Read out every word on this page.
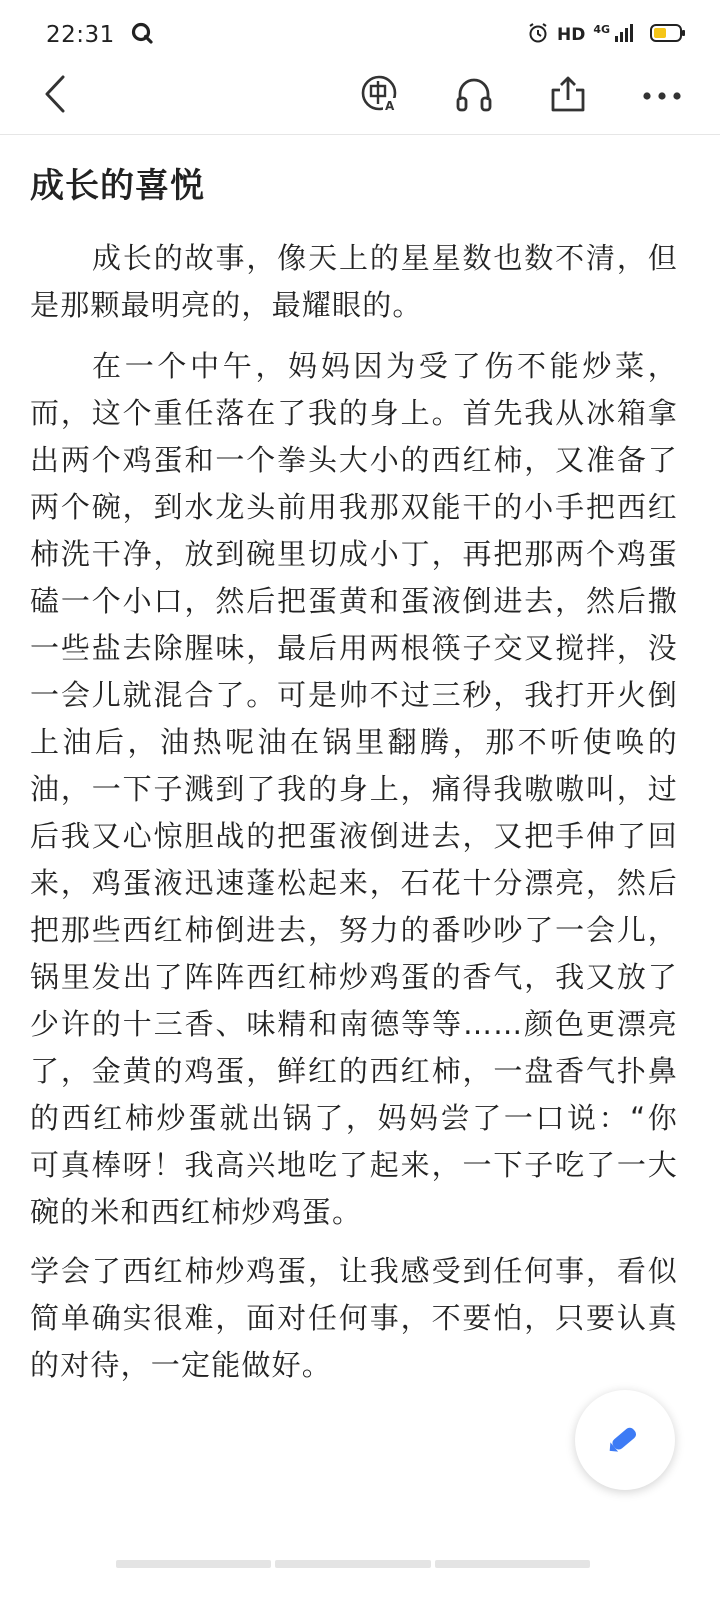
22:31	HD 4G
A
成长的喜悦

成长的故事，像天上的星星数也数不清，但是那颗最明亮的，最耀眼的。

在一个中午，妈妈因为受了伤不能炒菜，而，这个重任落在了我的身上。首先我从冰箱拿出两个鸡蛋和一个拳头大小的西红柿，又准备了两个碗，到水龙头前用我那双能干的小手把西红柿洗干净，放到碗里切成小丁，再把那两个鸡蛋磕一个小口，然后把蛋黄和蛋液倒进去，然后撒一些盐去除腥味，最后用两根筷子交叉搅拌，没一会儿就混合了。可是帅不过三秒，我打开火倒上油后，油热呢油在锅里翻腾，那不听使唤的油，一下子溅到了我的身上，痛得我嗷嗷叫，过后我又心惊胆战的把蛋液倒进去，又把手伸了回来，鸡蛋液迅速蓬松起来，石花十分漂亮，然后把那些西红柿倒进去，努力的番吵吵了一会儿，锅里发出了阵阵西红柿炒鸡蛋的香气，我又放了少许的十三香、味精和南德等等……颜色更漂亮了，金黄的鸡蛋，鲜红的西红柿，一盘香气扑鼻的西红柿炒蛋就出锅了，妈妈尝了一口说：“你可真棒呀！我高兴地吃了起来，一下子吃了一大碗的米和西红柿炒鸡蛋。

学会了西红柿炒鸡蛋，让我感受到任何事，看似简单确实很难，面对任何事，不要怕，只要认真的对待，一定能做好。
